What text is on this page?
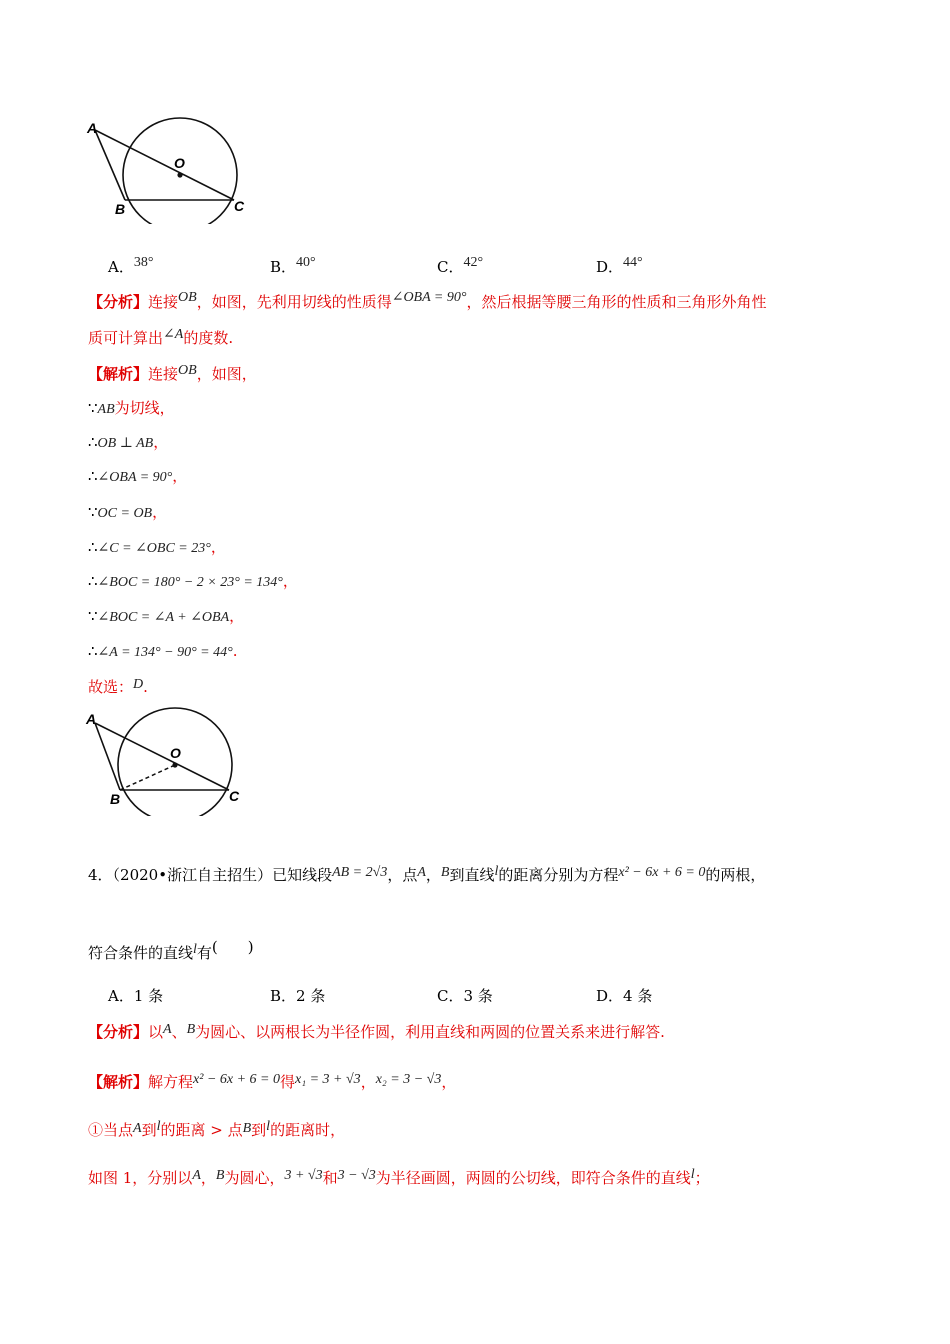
A
O
B	C
A．38°	B．40°	C．42°	D．44°
【分析】连接OB，如图，先利用切线的性质得∠OBA = 90°，然后根据等腰三角形的性质和三角形外角性
质可计算出∠A的度数.
【解析】连接OB，如图，
∵AB为切线，
∴OB ⊥ AB，
∴∠OBA = 90°，
∵OC = OB，
∴∠C = ∠OBC = 23°，
∴∠BOC = 180° − 2 × 23° = 134°，
∵∠BOC = ∠A + ∠OBA，
∴∠A = 134° − 90° = 44°.
故选：D.
A
O
B	C
4．（2020•浙江自主招生）已知线段AB = 2√3，点A，B到直线l的距离分别为方程x² − 6x + 6 = 0的两根，
符合条件的直线l有(　　)
A．1 条	B．2 条	C．3 条	D．4 条
【分析】以A、B为圆心、以两根长为半径作圆，利用直线和两圆的位置关系来进行解答.
【解析】解方程x² − 6x + 6 = 0得x₁ = 3 + √3，x₂ = 3 − √3，
①当点A到l的距离 > 点B到l的距离时，
如图 1，分别以A，B为圆心，3 + √3和3 − √3为半径画圆，两圆的公切线，即符合条件的直线l；
